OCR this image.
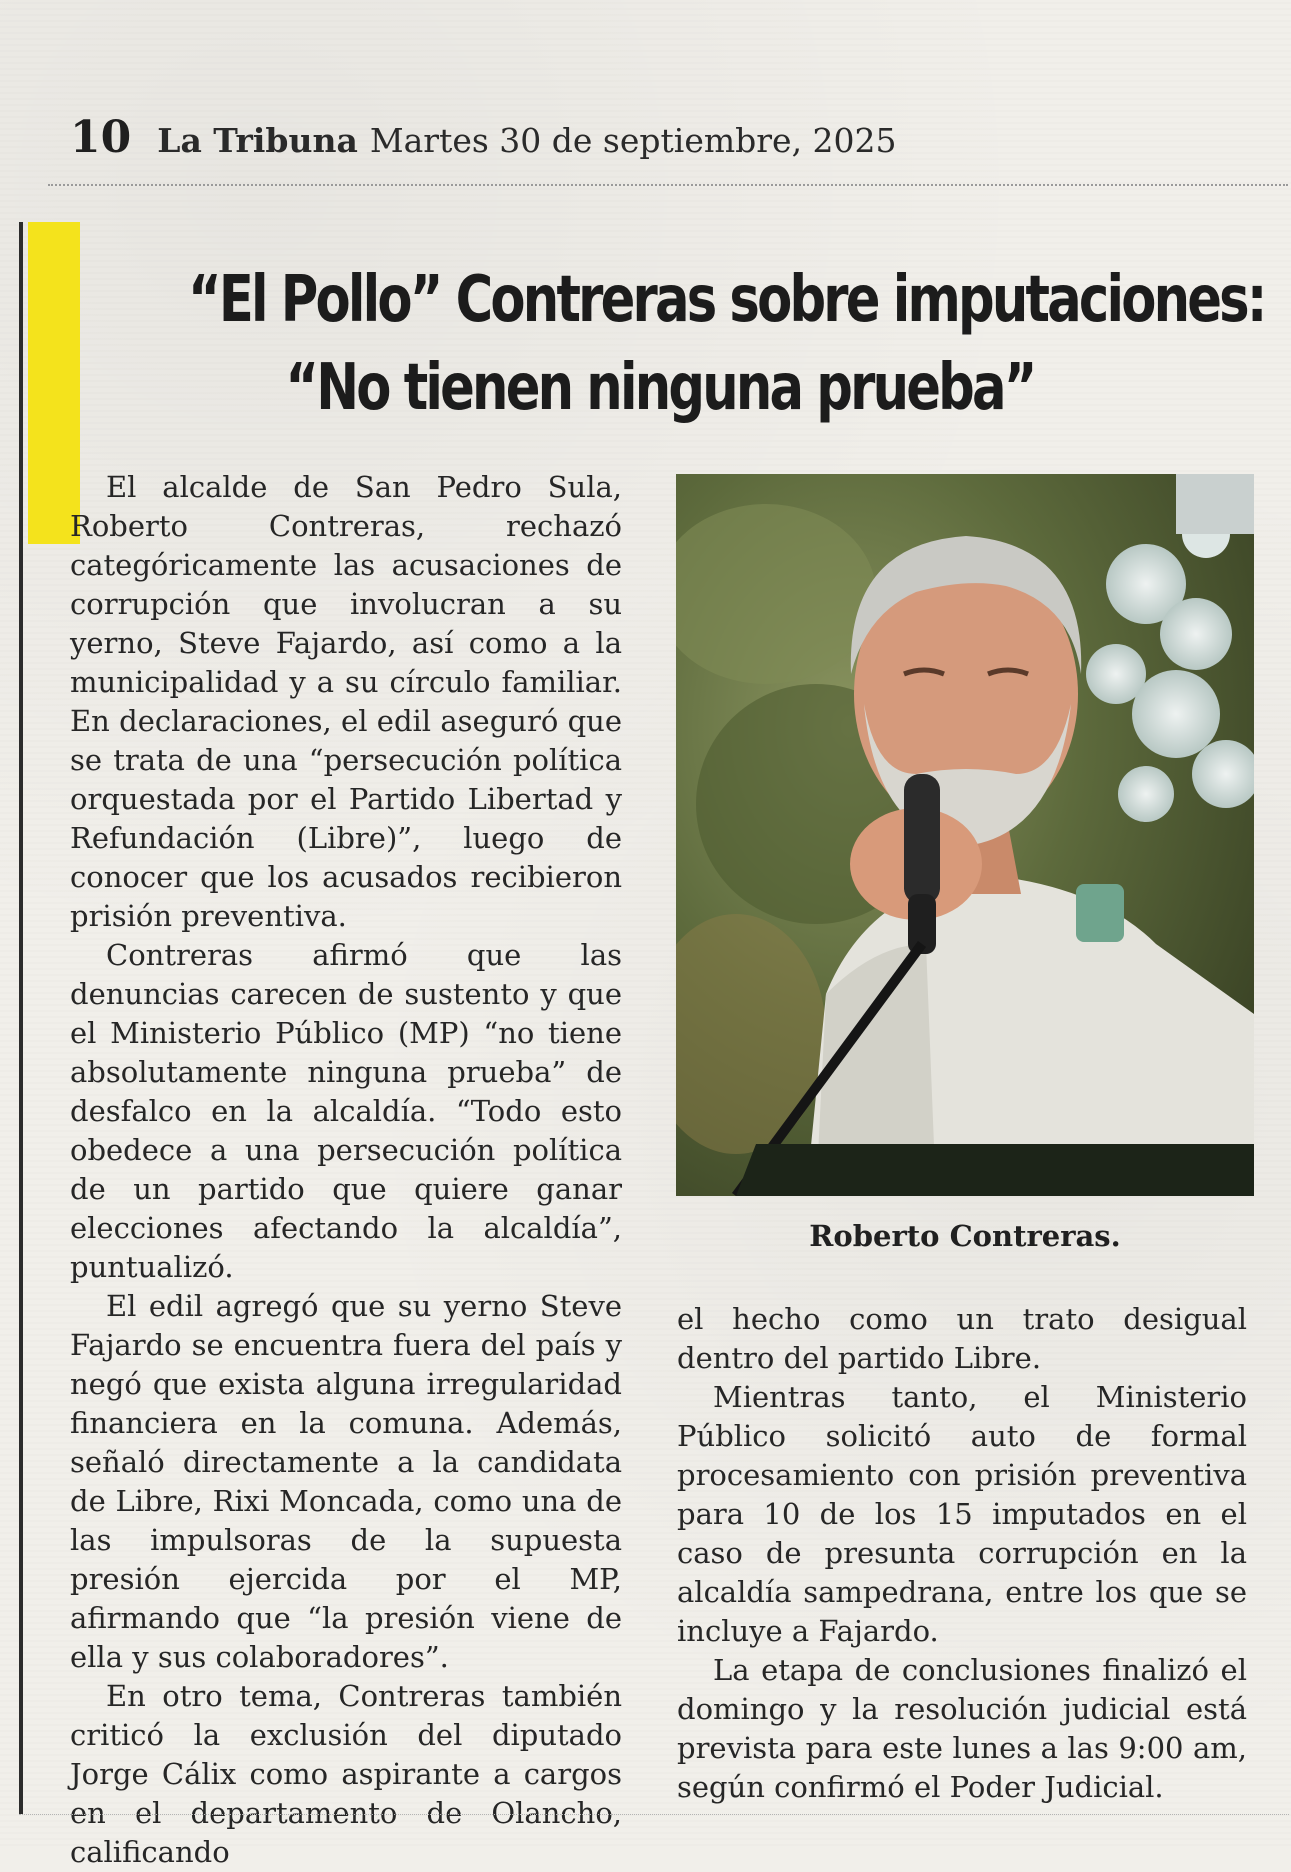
10 La Tribuna Martes 30 de septiembre, 2025
“El Pollo” Contreras sobre imputaciones:
“No tienen ninguna prueba”

El alcalde de San Pedro Sula, Roberto Contreras, rechazó categóricamente las acusaciones de corrupción que involucran a su yerno, Steve Fajardo, así como a la municipalidad y a su círculo familiar. En declaraciones, el edil aseguró que se trata de una “persecución política orquestada por el Partido Libertad y Refundación (Libre)”, luego de conocer que los acusados recibieron prisión preventiva.

Contreras afirmó que las denuncias carecen de sustento y que el Ministerio Público (MP) “no tiene absolutamente ninguna prueba” de desfalco en la alcaldía. “Todo esto obedece a una persecución política de un partido que quiere ganar elecciones afectando la alcaldía”, puntualizó.

El edil agregó que su yerno Steve Fajardo se encuentra fuera del país y negó que exista alguna irregularidad financiera en la comuna. Además, señaló directamente a la candidata de Libre, Rixi Moncada, como una de las impulsoras de la supuesta presión ejercida por el MP, afirmando que “la presión viene de ella y sus colaboradores”.

En otro tema, Contreras también criticó la exclusión del diputado Jorge Cálix como aspirante a cargos en el departamento de Olancho, calificando

Roberto Contreras.

el hecho como un trato desigual dentro del partido Libre.

Mientras tanto, el Ministerio Público solicitó auto de formal procesamiento con prisión preventiva para 10 de los 15 imputados en el caso de presunta corrupción en la alcaldía sampedrana, entre los que se incluye a Fajardo.

La etapa de conclusiones finalizó el domingo y la resolución judicial está prevista para este lunes a las 9:00 am, según confirmó el Poder Judicial.
